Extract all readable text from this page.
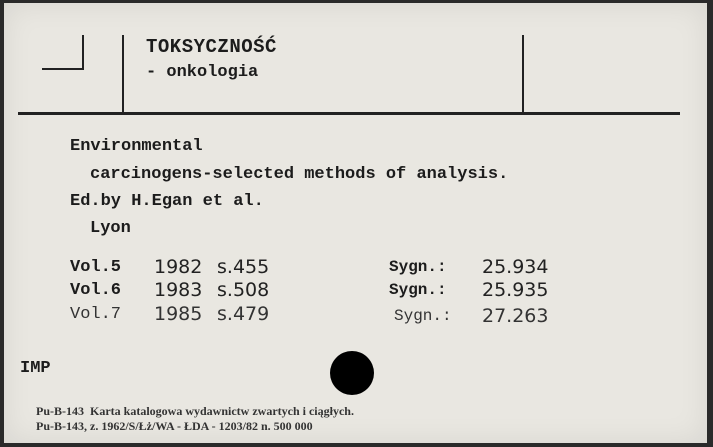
TOKSYCZNOŚĆ
- onkologia
Environmental
carcinogens-selected methods of analysis.
Ed.by H.Egan et al.
Lyon
Vol.5 1982 s.455	Sygn.: 25.934
Vol.6 1983 s.508	Sygn.: 25.935
Vol.7 1985 s.479	Sygn.: 27.263
IMP
Pu-B-143  Karta katalogowa wydawnictw zwartych i ciągłych.
Pu-B-143, z. 1962/S/Łż/WA - ŁDA - 1203/82 n. 500 000
